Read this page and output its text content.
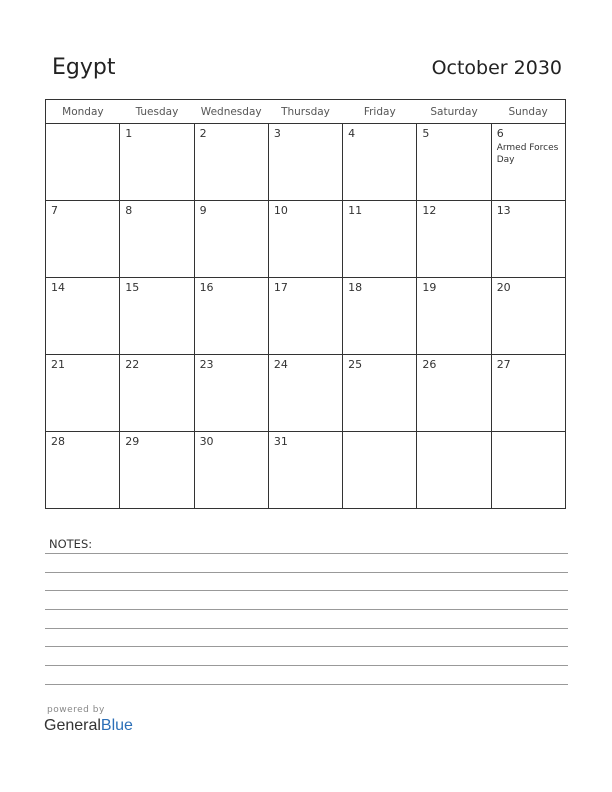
Egypt	October 2030
Monday	Tuesday	Wednesday	Thursday	Friday	Saturday	Sunday

	1	2	3	4	5	6
Armed Forces Day

7	8	9	10	11	12	13

14	15	16	17	18	19	20

21	22	23	24	25	26	27

28	29	30	31			

NOTES:
powered by
GeneralBlue
